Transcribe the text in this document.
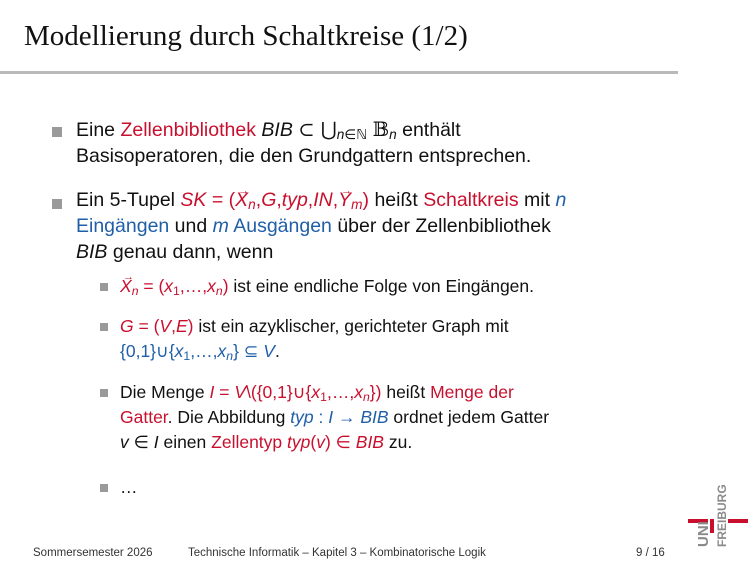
Modellierung durch Schaltkreise (1/2)
Eine Zellenbibliothek BIB ⊂ $⋃_{n\in ℕ}$ 𝔹$_n$ enthält
Basisoperatoren, die den Grundgattern entsprechen.
Ein 5-Tupel SK = (→ $X_n,G,typ,IN,\to Y_m$) heißt Schaltkreis mit n
Eingängen und m Ausgängen über der Zellenbibliothek
BIB genau dann, wenn
→ $X_n$ = $(x_1,\dots,x_n)$ ist eine endliche Folge von Eingängen.
G = (V,E) ist ein azyklischer, gerichteter Graph mit
$\{0,1\}\cup\{x_1,\dots,x_n\}$ ⊆ V.
Die Menge $I = V\backslash(\{0,1\}\cup\{x_1,\dots,x_n\})$ heißt Menge der
Gatter. Die Abbildung typ : I → BIB ordnet jedem Gatter
v ∈ I einen Zellentyp typ(v) ∈ BIB zu.
…
Sommersemester 2026	Technische Informatik – Kapitel 3 – Kombinatorische Logik	9 / 16
UNI FREIBURG
